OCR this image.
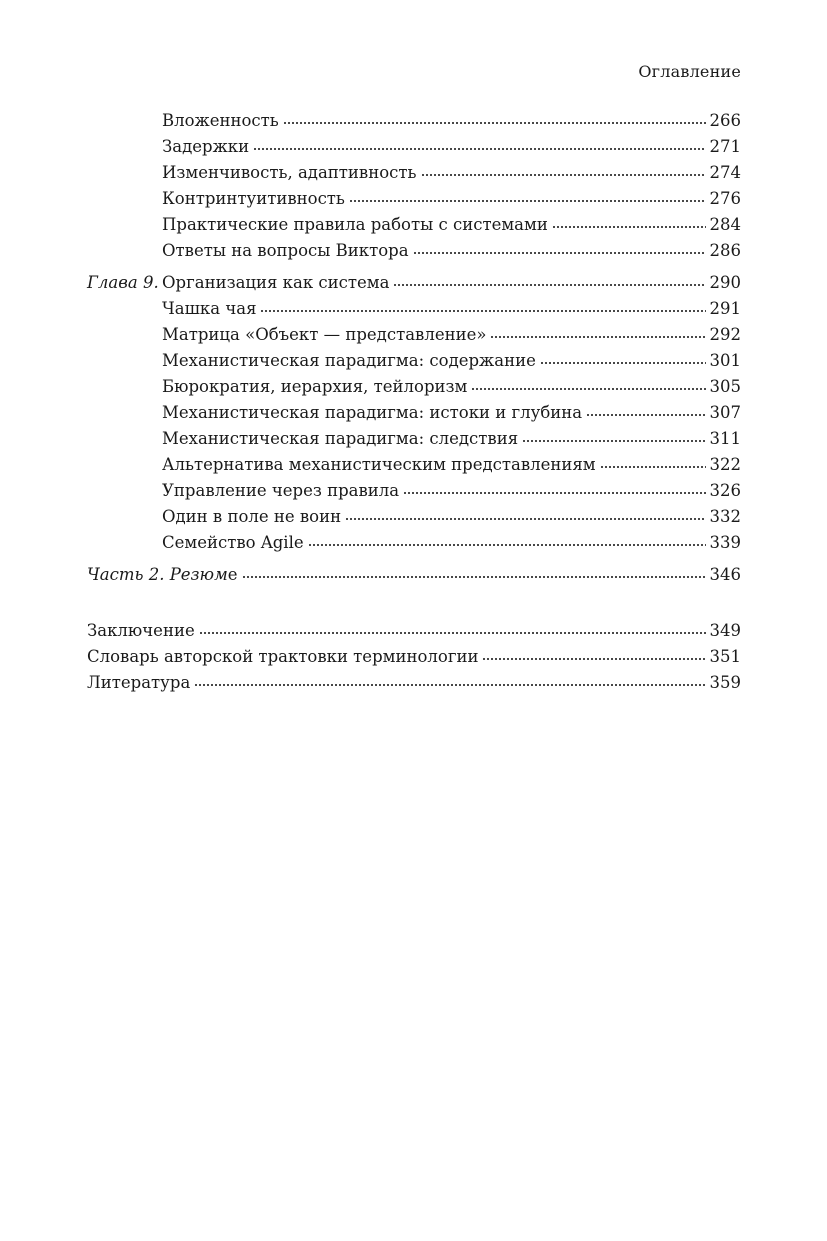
Оглавление
Вложенность	266
Задержки	271
Изменчивость, адаптивность	274
Контринтуитивность	276
Практические правила работы с системами	284
Ответы на вопросы Виктора	286
Глава 9. Организация как система	290
Чашка чая	291
Матрица «Объект — представление»	292
Механистическая парадигма: содержание	301
Бюрократия, иерархия, тейлоризм	305
Механистическая парадигма: истоки и глубина	307
Механистическая парадигма: следствия	311
Альтернатива механистическим представлениям	322
Управление через правила	326
Один в поле не воин	332
Семейство Agile	339
Часть 2. Резюме	346
Заключение	349
Словарь авторской трактовки терминологии	351
Литература	359
